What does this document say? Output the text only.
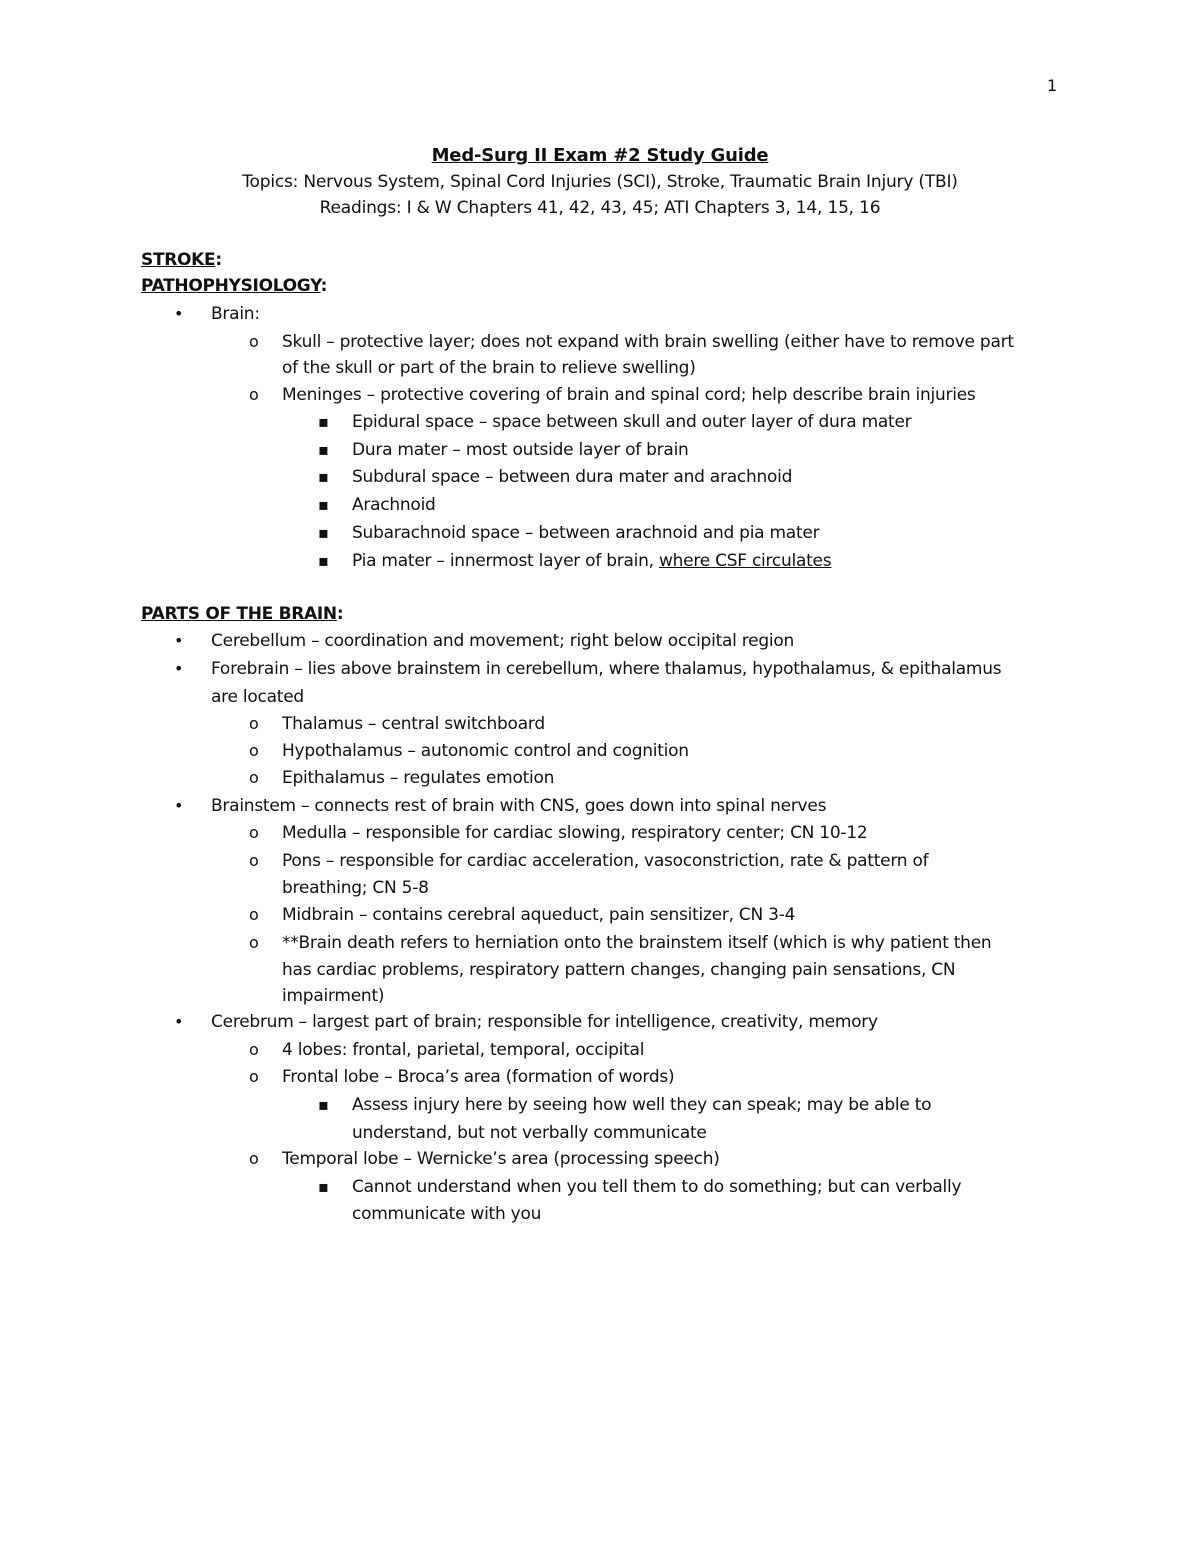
1
Med-Surg II Exam #2 Study Guide
Topics: Nervous System, Spinal Cord Injuries (SCI), Stroke, Traumatic Brain Injury (TBI)
Readings: I & W Chapters 41, 42, 43, 45; ATI Chapters 3, 14, 15, 16
STROKE:
PATHOPHYSIOLOGY:
• Brain:
o Skull – protective layer; does not expand with brain swelling (either have to remove part
of the skull or part of the brain to relieve swelling)
o Meninges – protective covering of brain and spinal cord; help describe brain injuries
▪ Epidural space – space between skull and outer layer of dura mater
▪ Dura mater – most outside layer of brain
▪ Subdural space – between dura mater and arachnoid
▪ Arachnoid
▪ Subarachnoid space – between arachnoid and pia mater
▪ Pia mater – innermost layer of brain, where CSF circulates
PARTS OF THE BRAIN:
• Cerebellum – coordination and movement; right below occipital region
• Forebrain – lies above brainstem in cerebellum, where thalamus, hypothalamus, & epithalamus
are located
o Thalamus – central switchboard
o Hypothalamus – autonomic control and cognition
o Epithalamus – regulates emotion
• Brainstem – connects rest of brain with CNS, goes down into spinal nerves
o Medulla – responsible for cardiac slowing, respiratory center; CN 10-12
o Pons – responsible for cardiac acceleration, vasoconstriction, rate & pattern of
breathing; CN 5-8
o Midbrain – contains cerebral aqueduct, pain sensitizer, CN 3-4
o **Brain death refers to herniation onto the brainstem itself (which is why patient then
has cardiac problems, respiratory pattern changes, changing pain sensations, CN
impairment)
• Cerebrum – largest part of brain; responsible for intelligence, creativity, memory
o 4 lobes: frontal, parietal, temporal, occipital
o Frontal lobe – Broca’s area (formation of words)
▪ Assess injury here by seeing how well they can speak; may be able to
understand, but not verbally communicate
o Temporal lobe – Wernicke’s area (processing speech)
▪ Cannot understand when you tell them to do something; but can verbally
communicate with you
